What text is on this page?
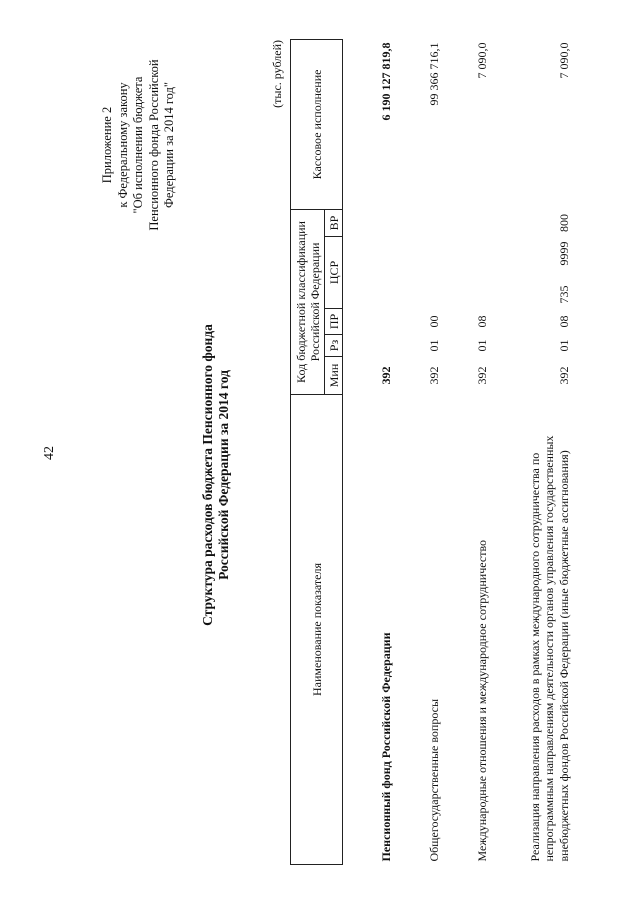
42
Приложение 2 к Федеральному закону "Об исполнении бюджета Пенсионного фонда Российской Федерации за 2014 год"
Структура расходов бюджета Пенсионного фонда Российской Федерации за 2014 год
(тыс. рублей)
Наименование показателя	Код бюджетной классификации Российской Федерации					Кассовое исполнение
	Мин	Рз	ПР	ЦСР	ВР	
Пенсионный фонд Российской Федерации	392					6 190 127 819,8
Общегосударственные вопросы	392	01	00			99 366 716,1
Международные отношения и международное сотрудничество	392	01	08			7 090,0
Реализация направления расходов в рамках международного сотрудничества по непрограммным направлениям деятельности органов управления государственных внебюджетных фондов Российской Федерации (иные бюджетные ассигнования)	392	01	08	7359999	800	7 090,0
